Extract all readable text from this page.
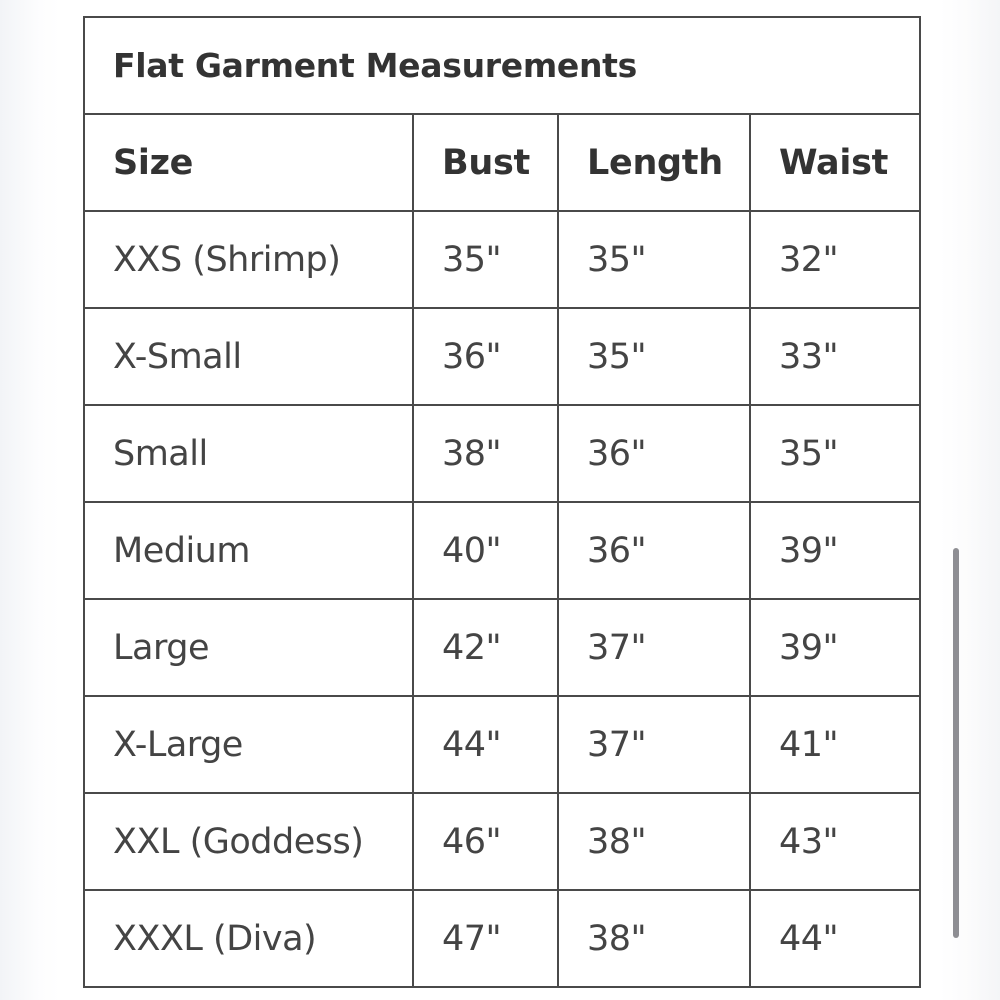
Flat Garment Measurements			
Size	Bust	Length	Waist
XXS (Shrimp)	35"	35"	32"
X-Small	36"	35"	33"
Small	38"	36"	35"
Medium	40"	36"	39"
Large	42"	37"	39"
X-Large	44"	37"	41"
XXL (Goddess)	46"	38"	43"
XXXL (Diva)	47"	38"	44"
